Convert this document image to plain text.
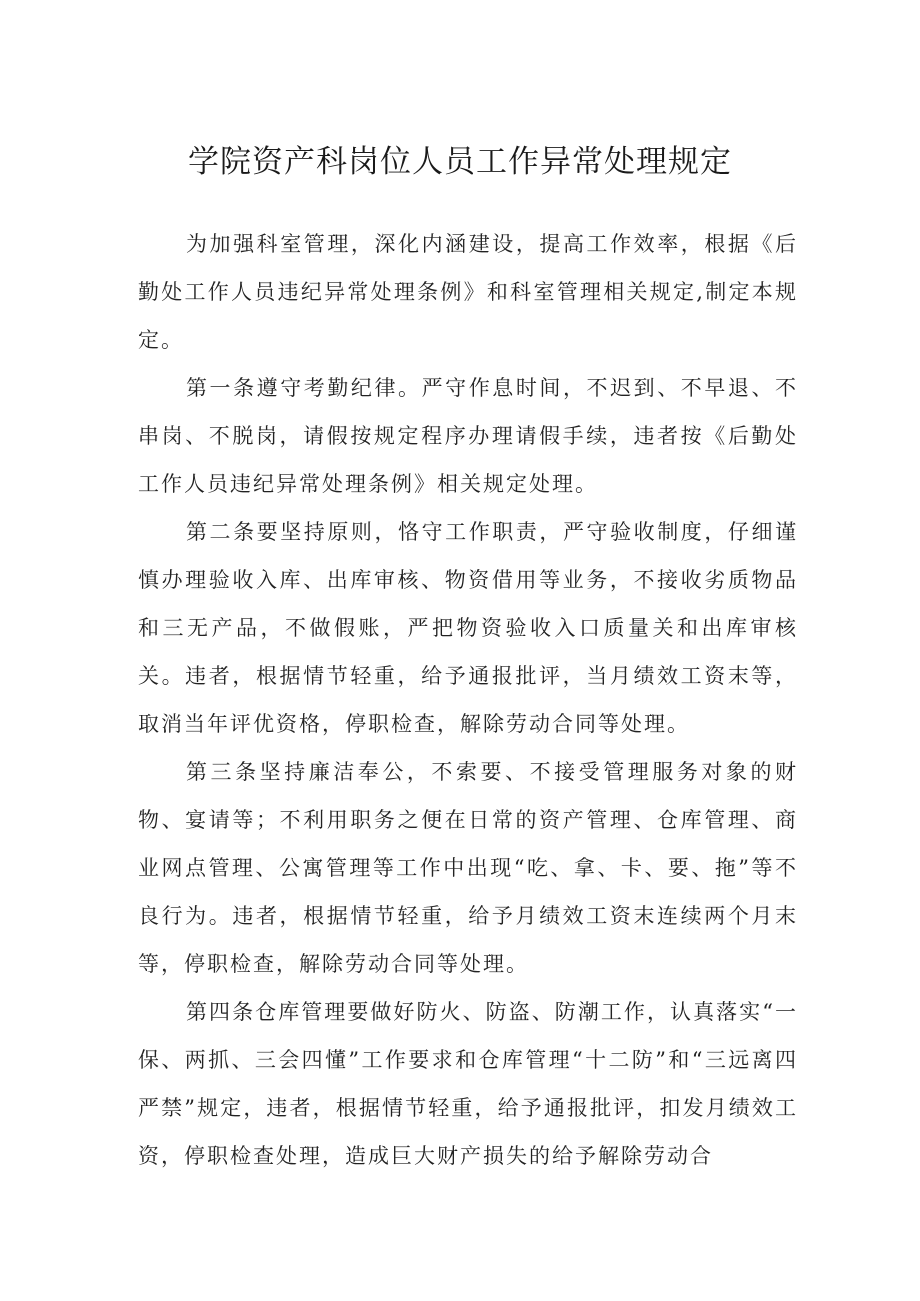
学院资产科岗位人员工作异常处理规定

为加强科室管理，深化内涵建设，提高工作效率，根据《后勤处工作人员违纪异常处理条例》和科室管理相关规定,制定本规定。

第一条遵守考勤纪律。严守作息时间，不迟到、不早退、不串岗、不脱岗，请假按规定程序办理请假手续，违者按《后勤处工作人员违纪异常处理条例》相关规定处理。

第二条要坚持原则，恪守工作职责，严守验收制度，仔细谨慎办理验收入库、出库审核、物资借用等业务，不接收劣质物品和三无产品，不做假账，严把物资验收入口质量关和出库审核关。违者，根据情节轻重，给予通报批评，当月绩效工资末等，取消当年评优资格，停职检查，解除劳动合同等处理。

第三条坚持廉洁奉公，不索要、不接受管理服务对象的财物、宴请等；不利用职务之便在日常的资产管理、仓库管理、商业网点管理、公寓管理等工作中出现“吃、拿、卡、要、拖”等不良行为。违者，根据情节轻重，给予月绩效工资末连续两个月末等，停职检查，解除劳动合同等处理。

第四条仓库管理要做好防火、防盗、防潮工作，认真落实“一保、两抓、三会四懂”工作要求和仓库管理“十二防”和“三远离四严禁”规定，违者，根据情节轻重，给予通报批评，扣发月绩效工资，停职检查处理，造成巨大财产损失的给予解除劳动合
